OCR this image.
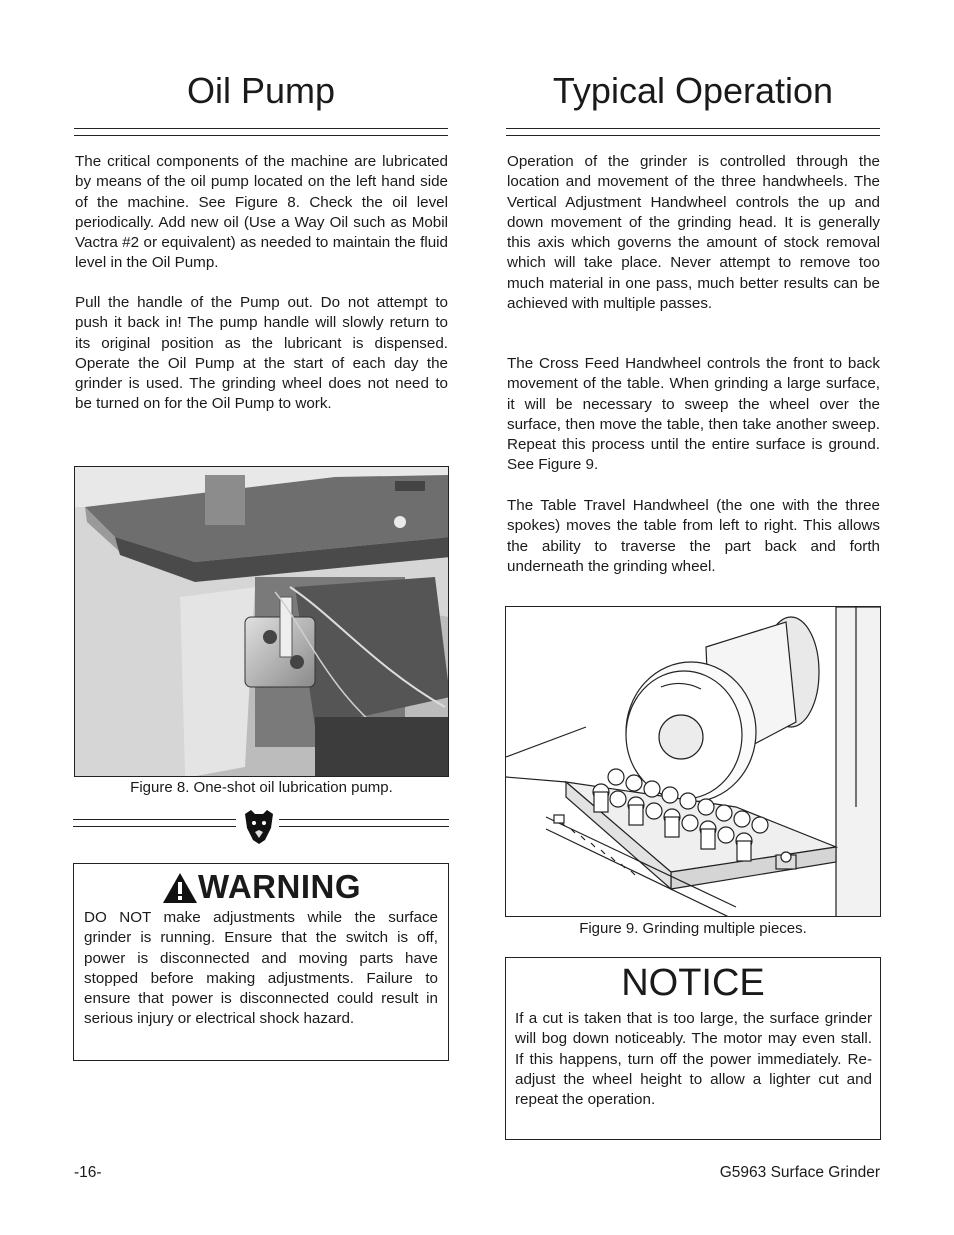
Oil Pump

The critical components of the machine are lubricated by means of the oil pump located on the left hand side of the machine. See Figure 8. Check the oil level periodically. Add new oil (Use a Way Oil such as Mobil Vactra #2 or equivalent) as needed to maintain the fluid level in the Oil Pump.

Pull the handle of the Pump out. Do not attempt to push it back in! The pump handle will slowly return to its original position as the lubricant is dispensed. Operate the Oil Pump at the start of each day the grinder is used. The grinding wheel does not need to be turned on for the Oil Pump to work.

Figure 8. One-shot oil lubrication pump.
WARNING

DO NOT make adjustments while the surface grinder is running. Ensure that the switch is off, power is disconnected and moving parts have stopped before making adjustments. Failure to ensure that power is disconnected could result in serious injury or electrical shock hazard.

Typical Operation

Operation of the grinder is controlled through the location and movement of the three handwheels. The Vertical Adjustment Handwheel controls the up and down movement of the grinding head. It is generally this axis which governs the amount of stock removal which will take place. Never attempt to remove too much material in one pass, much better results can be achieved with multiple passes.

The Cross Feed Handwheel controls the front to back movement of the table. When grinding a large surface, it will be necessary to sweep the wheel over the surface, then move the table, then take another sweep. Repeat this process until the entire surface is ground. See Figure 9.

The Table Travel Handwheel (the one with the three spokes) moves the table from left to right. This allows the ability to traverse the part back and forth underneath the grinding wheel.

Figure 9. Grinding multiple pieces.
NOTICE

If a cut is taken that is too large, the surface grinder will bog down noticeably. The motor may even stall. If this happens, turn off the power immediately. Re-adjust the wheel height to allow a lighter cut and repeat the operation.

-16-	G5963 Surface Grinder
